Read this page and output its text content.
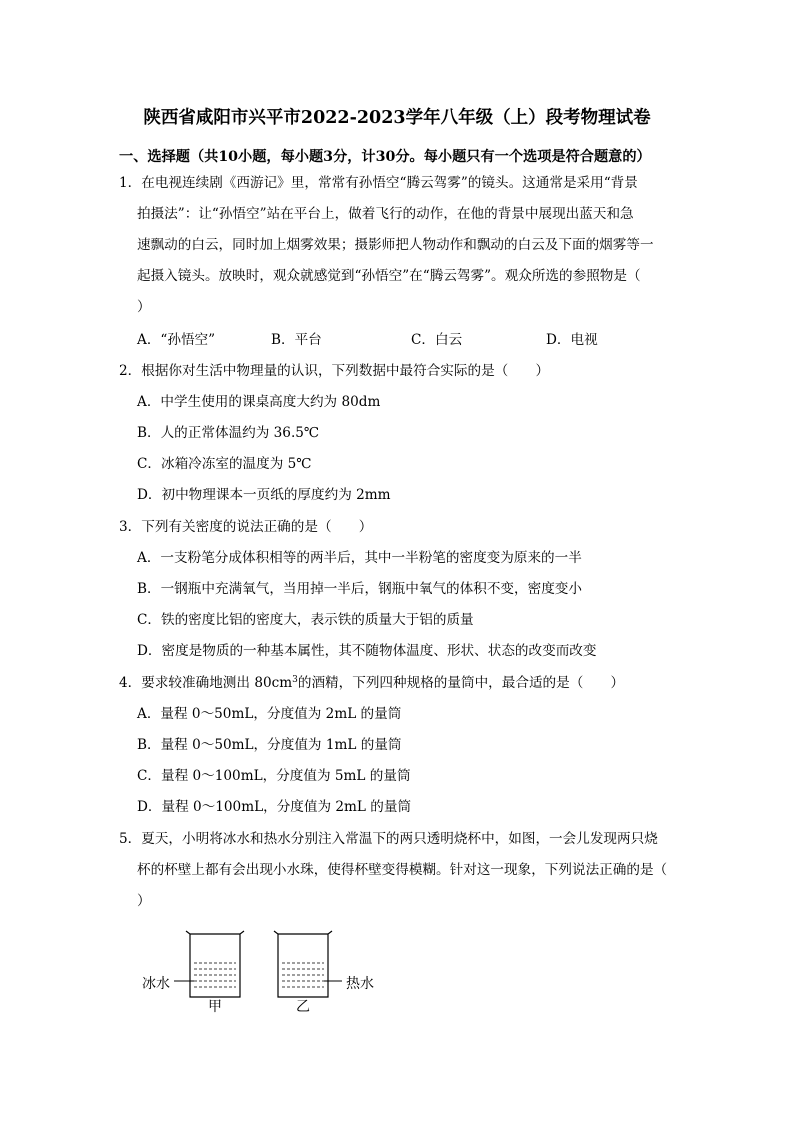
陕西省咸阳市兴平市2022-2023学年八年级（上）段考物理试卷
一、选择题（共10小题，每小题3分，计30分。每小题只有一个选项是符合题意的）
1．在电视连续剧《西游记》里，常常有孙悟空“腾云驾雾”的镜头。这通常是采用“背景
拍摄法”：让“孙悟空”站在平台上，做着飞行的动作，在他的背景中展现出蓝天和急
速飘动的白云，同时加上烟雾效果；摄影师把人物动作和飘动的白云及下面的烟雾等一
起摄入镜头。放映时，观众就感觉到“孙悟空”在“腾云驾雾”。观众所选的参照物是（
）
A．“孙悟空”	B．平台	C．白云	D．电视
2．根据你对生活中物理量的认识，下列数据中最符合实际的是（　　）
A．中学生使用的课桌高度大约为 80dm
B．人的正常体温约为 36.5℃
C．冰箱冷冻室的温度为 5℃
D．初中物理课本一页纸的厚度约为 2mm
3．下列有关密度的说法正确的是（　　）
A．一支粉笔分成体积相等的两半后，其中一半粉笔的密度变为原来的一半
B．一钢瓶中充满氧气，当用掉一半后，钢瓶中氧气的体积不变，密度变小
C．铁的密度比铝的密度大，表示铁的质量大于铝的质量
D．密度是物质的一种基本属性，其不随物体温度、形状、状态的改变而改变
4．要求较准确地测出 $80cm^3$的酒精，下列四种规格的量筒中，最合适的是（　　）
A．量程 0～50mL，分度值为 2mL 的量筒
B．量程 0～50mL，分度值为 1mL 的量筒
C．量程 0～100mL，分度值为 5mL 的量筒
D．量程 0～100mL，分度值为 2mL 的量筒
5．夏天，小明将冰水和热水分别注入常温下的两只透明烧杯中，如图，一会儿发现两只烧
杯的杯壁上都有会出现小水珠，使得杯壁变得模糊。针对这一现象，下列说法正确的是（
）
冰水	热水
甲	乙
